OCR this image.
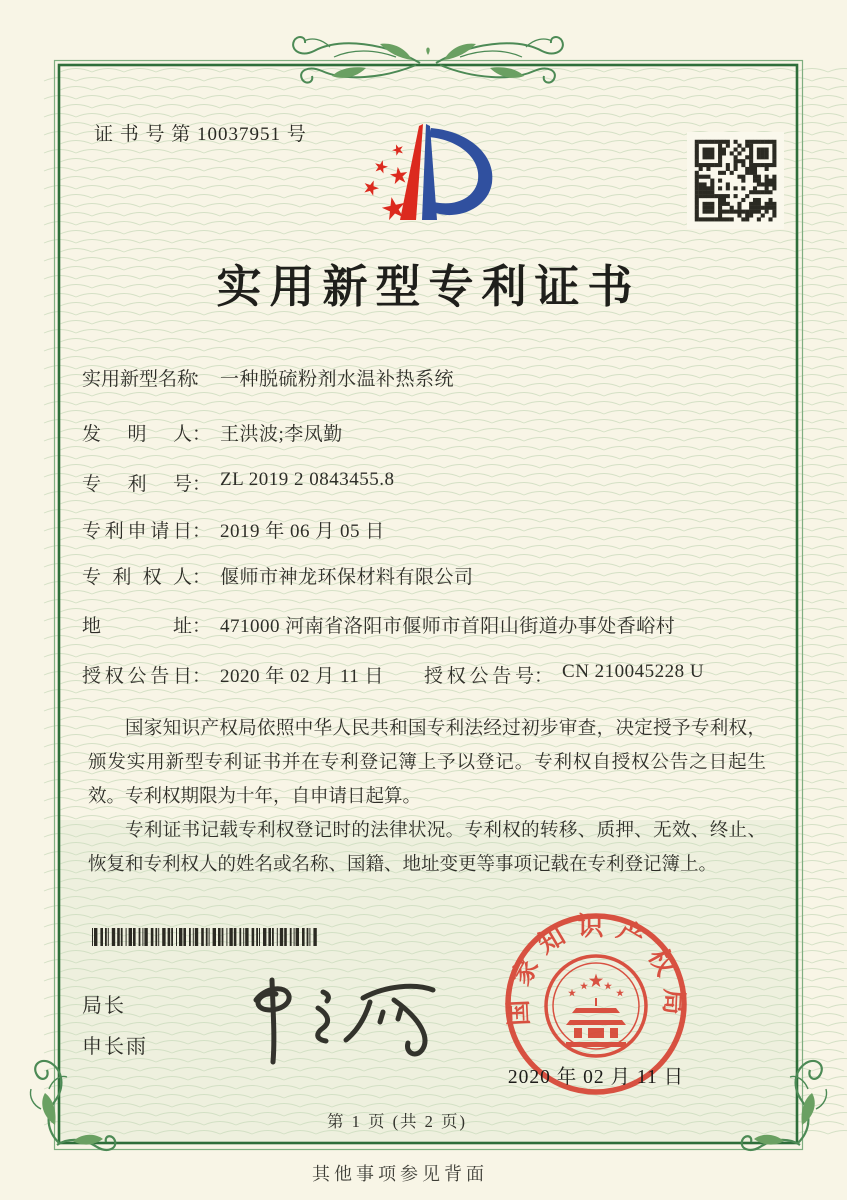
证 书 号 第 10037951 号
实用新型专利证书
实用新型名称： 一种脱硫粉剂水温补热系统
发明人： 王洪波;李凤勤
专利号： ZL 2019 2 0843455.8
专利申请日： 2019 年 06 月 05 日
专利权人： 偃师市神龙环保材料有限公司
地址： 471000 河南省洛阳市偃师市首阳山街道办事处香峪村
授权公告日： 2020 年 02 月 11 日 授权公告号： CN 210045228 U

国家知识产权局依照中华人民共和国专利法经过初步审查，决定授予专利权，颁发实用新型专利证书并在专利登记簿上予以登记。专利权自授权公告之日起生效。专利权期限为十年，自申请日起算。

专利证书记载专利权登记时的法律状况。专利权的转移、质押、无效、终止、恢复和专利权人的姓名或名称、国籍、地址变更等事项记载在专利登记簿上。

局长
申长雨
国家知识产权局
2020 年 02 月 11 日
第 1 页 (共 2 页)
其他事项参见背面
